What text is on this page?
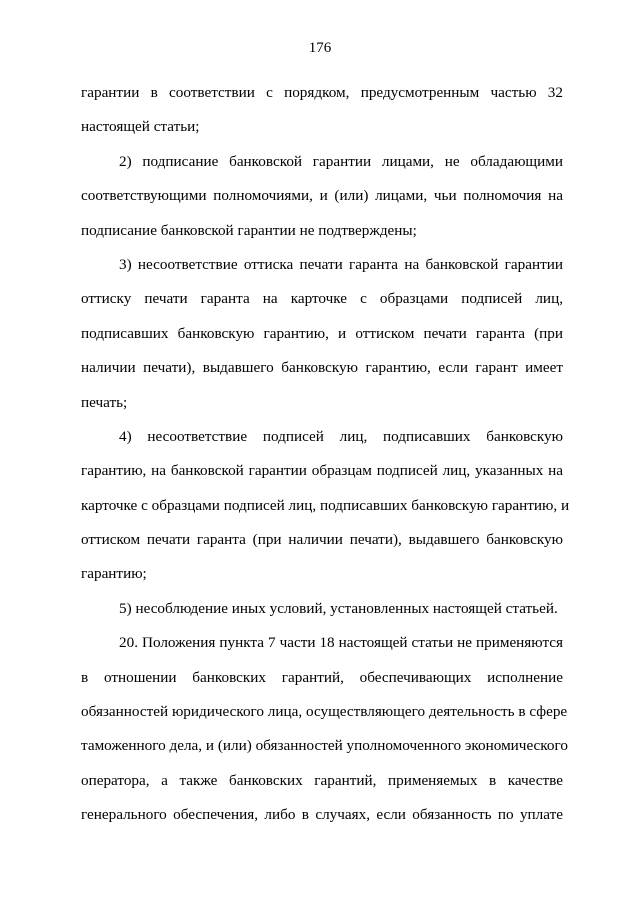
176

гарантии в соответствии с порядком, предусмотренным частью 32

настоящей статьи;

2) подписание банковской гарантии лицами, не обладающими

соответствующими полномочиями, и (или) лицами, чьи полномочия на

подписание банковской гарантии не подтверждены;

3) несоответствие оттиска печати гаранта на банковской гарантии

оттиску печати гаранта на карточке с образцами подписей лиц,

подписавших банковскую гарантию, и оттиском печати гаранта (при

наличии печати), выдавшего банковскую гарантию, если гарант имеет

печать;

4) несоответствие подписей лиц, подписавших банковскую

гарантию, на банковской гарантии образцам подписей лиц, указанных на

карточке с образцами подписей лиц, подписавших банковскую гарантию, и

оттиском печати гаранта (при наличии печати), выдавшего банковскую

гарантию;

5) несоблюдение иных условий, установленных настоящей статьей.

20. Положения пункта 7 части 18 настоящей статьи не применяются

в отношении банковских гарантий, обеспечивающих исполнение

обязанностей юридического лица, осуществляющего деятельность в сфере

таможенного дела, и (или) обязанностей уполномоченного экономического

оператора, а также банковских гарантий, применяемых в качестве

генерального обеспечения, либо в случаях, если обязанность по уплате
